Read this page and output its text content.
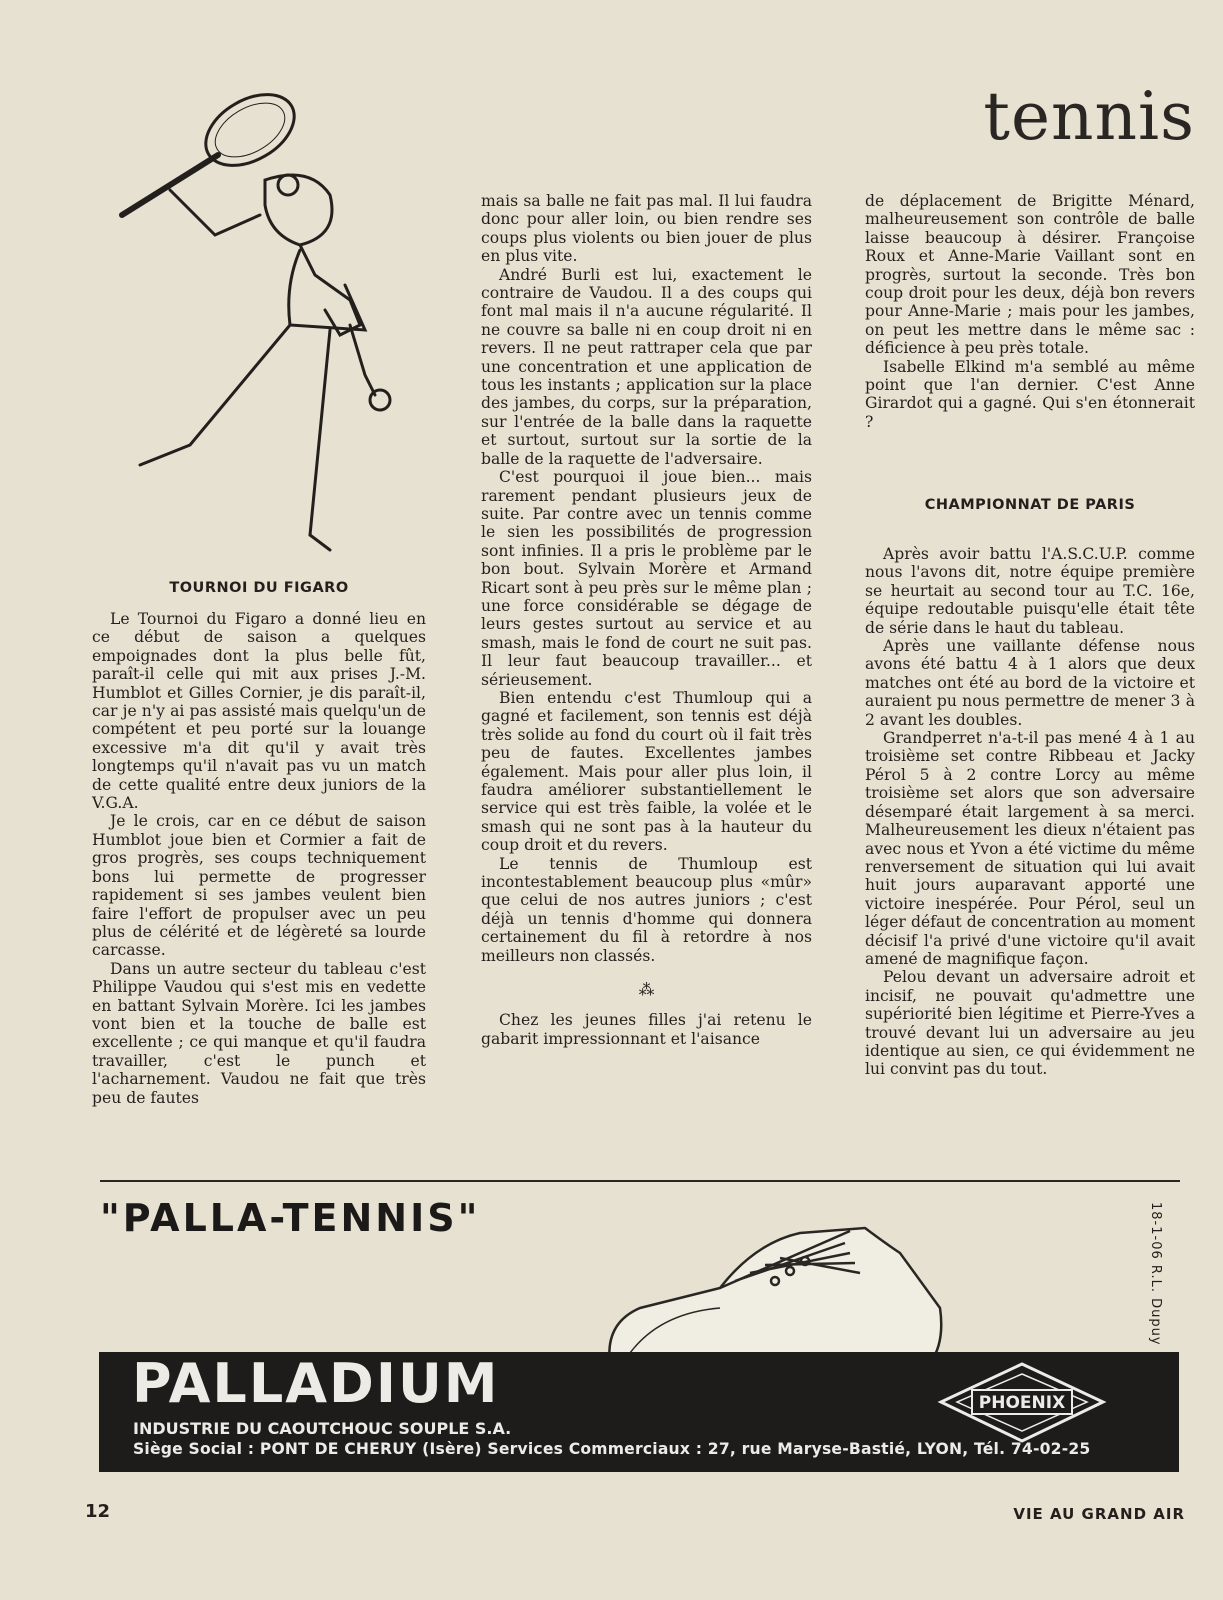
tennis
TOURNOI DU FIGARO

Le Tournoi du Figaro a donné lieu en ce début de saison a quelques empoignades dont la plus belle fût, paraît-il celle qui mit aux prises J.-M. Humblot et Gilles Cornier, je dis paraît-il, car je n'y ai pas assisté mais quelqu'un de compétent et peu porté sur la louange excessive m'a dit qu'il y avait très longtemps qu'il n'avait pas vu un match de cette qualité entre deux juniors de la V.G.A.

Je le crois, car en ce début de saison Humblot joue bien et Cormier a fait de gros progrès, ses coups techniquement bons lui permette de progresser rapidement si ses jambes veulent bien faire l'effort de propulser avec un peu plus de célérité et de légèreté sa lourde carcasse.

Dans un autre secteur du tableau c'est Philippe Vaudou qui s'est mis en vedette en battant Sylvain Morère. Ici les jambes vont bien et la touche de balle est excellente ; ce qui manque et qu'il faudra travailler, c'est le punch et l'acharnement. Vaudou ne fait que très peu de fautes

mais sa balle ne fait pas mal. Il lui faudra donc pour aller loin, ou bien rendre ses coups plus violents ou bien jouer de plus en plus vite.

André Burli est lui, exactement le contraire de Vaudou. Il a des coups qui font mal mais il n'a aucune régularité. Il ne couvre sa balle ni en coup droit ni en revers. Il ne peut rattraper cela que par une concentration et une application de tous les instants ; application sur la place des jambes, du corps, sur la préparation, sur l'entrée de la balle dans la raquette et surtout, surtout sur la sortie de la balle de la raquette de l'adversaire.

C'est pourquoi il joue bien... mais rarement pendant plusieurs jeux de suite. Par contre avec un tennis comme le sien les possibilités de progression sont infinies. Il a pris le problème par le bon bout. Sylvain Morère et Armand Ricart sont à peu près sur le même plan ; une force considérable se dégage de leurs gestes surtout au service et au smash, mais le fond de court ne suit pas. Il leur faut beaucoup travailler... et sérieusement.

Bien entendu c'est Thumloup qui a gagné et facilement, son tennis est déjà très solide au fond du court où il fait très peu de fautes. Excellentes jambes également. Mais pour aller plus loin, il faudra améliorer substantiellement le service qui est très faible, la volée et le smash qui ne sont pas à la hauteur du coup droit et du revers.

Le tennis de Thumloup est incontestablement beaucoup plus «mûr» que celui de nos autres juniors ; c'est déjà un tennis d'homme qui donnera certainement du fil à retordre à nos meilleurs non classés.

⁂

Chez les jeunes filles j'ai retenu le gabarit impressionnant et l'aisance

de déplacement de Brigitte Ménard, malheureusement son contrôle de balle laisse beaucoup à désirer. Françoise Roux et Anne-Marie Vaillant sont en progrès, surtout la seconde. Très bon coup droit pour les deux, déjà bon revers pour Anne-Marie ; mais pour les jambes, on peut les mettre dans le même sac : déficience à peu près totale.

Isabelle Elkind m'a semblé au même point que l'an dernier. C'est Anne Girardot qui a gagné. Qui s'en étonnerait ?

CHAMPIONNAT DE PARIS

Après avoir battu l'A.S.C.U.P. comme nous l'avons dit, notre équipe première se heurtait au second tour au T.C. 16e, équipe redoutable puisqu'elle était tête de série dans le haut du tableau.

Après une vaillante défense nous avons été battu 4 à 1 alors que deux matches ont été au bord de la victoire et auraient pu nous permettre de mener 3 à 2 avant les doubles.

Grandperret n'a-t-il pas mené 4 à 1 au troisième set contre Ribbeau et Jacky Pérol 5 à 2 contre Lorcy au même troisième set alors que son adversaire désemparé était largement à sa merci. Malheureusement les dieux n'étaient pas avec nous et Yvon a été victime du même renversement de situation qui lui avait huit jours auparavant apporté une victoire inespérée. Pour Pérol, seul un léger défaut de concentration au moment décisif l'a privé d'une victoire qu'il avait amené de magnifique façon.

Pelou devant un adversaire adroit et incisif, ne pouvait qu'admettre une supériorité bien légitime et Pierre-Yves a trouvé devant lui un adversaire au jeu identique au sien, ce qui évidemment ne lui convint pas du tout.

"PALLA-TENNIS"	18-1-06 R.L. Dupuy
PALLADIUM
INDUSTRIE DU CAOUTCHOUC SOUPLE S.A.
Siège Social : PONT DE CHERUY (Isère) Services Commerciaux : 27, rue Maryse-Bastié, LYON, Tél. 74-02-25
PHOENIX
12	VIE AU GRAND AIR
